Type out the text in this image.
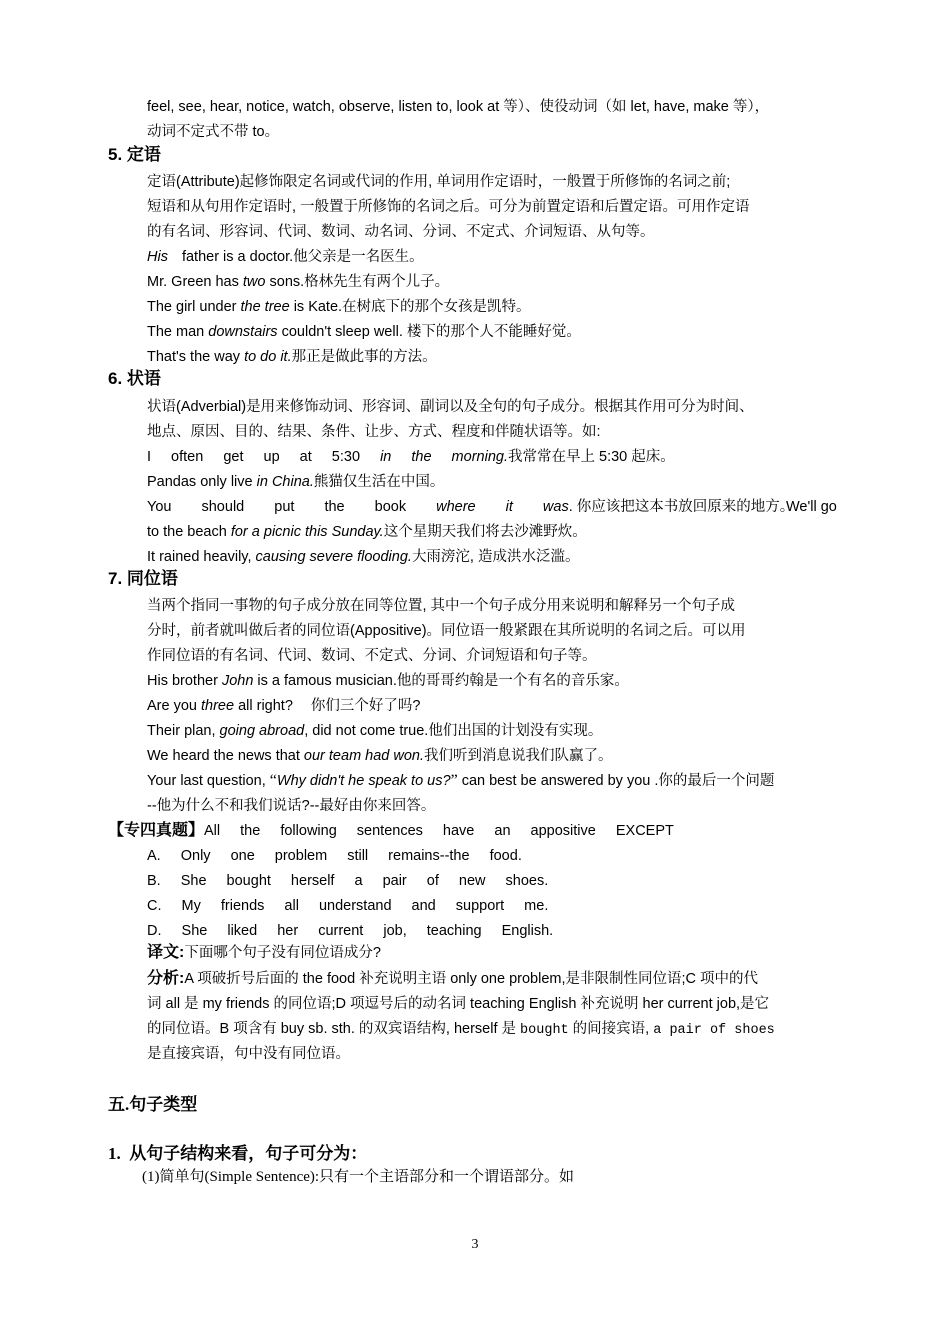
feel, see, hear, notice, watch, observe, listen to, look at 等）、使役动词（如 let, have, make 等），
动词不定式不带 to。
5. 定语
定语(Attribute)起修饰限定名词或代词的作用, 单词用作定语时，一般置于所修饰的名词之前;
短语和从句用作定语时, 一般置于所修饰的名词之后。可分为前置定语和后置定语。可用作定语
的有名词、形容词、代词、数词、动名词、分词、不定式、介词短语、从句等。
His father is a doctor.他父亲是一名医生。
Mr. Green has two sons.格林先生有两个儿子。
The girl under the tree is Kate.在树底下的那个女孩是凯特。
The man downstairs couldn't sleep well. 楼下的那个人不能睡好觉。
That's the way to do it.那正是做此事的方法。
6. 状语
状语(Adverbial)是用来修饰动词、形容词、副词以及全句的句子成分。根据其作用可分为时间、
地点、原因、目的、结果、条件、让步、方式、程度和伴随状语等。如:
I often get up at 5:30 in the morning.我常常在早上 5:30 起床。
Pandas only live in China.熊猫仅生活在中国。
You should put the book where it was. 你应该把这本书放回原来的地方。
We'll go
to the beach for a picnic this Sunday.这个星期天我们将去沙滩野炊。
It rained heavily, causing severe flooding.大雨滂沱, 造成洪水泛滥。
7. 同位语
当两个指同一事物的句子成分放在同等位置, 其中一个句子成分用来说明和解释另一个句子成
分时，前者就叫做后者的同位语(Appositive)。同位语一般紧跟在其所说明的名词之后。可以用
作同位语的有名词、代词、数词、不定式、分词、介词短语和句子等。
His brother John is a famous musician.他的哥哥约翰是一个有名的音乐家。
Are you three all right? 你们三个好了吗?
Their plan, going abroad, did not come true.他们出国的计划没有实现。
We heard the news that our team had won.我们听到消息说我们队赢了。
Your last question, “Why didn't he speak to us?” can best be answered by you .你的最后一个问题
--他为什么不和我们说话?--最好由你来回答。
【专四真题】All the following sentences have an appositive EXCEPT
A. Only one problem still remains--the food.
B. She bought herself a pair of new shoes.
C. My friends all understand and support me.
D. She liked her current job, teaching English.
译文:下面哪个句子没有同位语成分?
分析:A 项破折号后面的 the food 补充说明主语 only one problem,是非限制性同位语;C 项中的代
词 all 是 my friends 的同位语;D 项逗号后的动名词 teaching English 补充说明 her current job,是它
的同位语。B 项含有 buy sb. sth. 的双宾语结构, herself 是 bought 的间接宾语, a pair of shoes
是直接宾语，句中没有同位语。
五.句子类型
1. 从句子结构来看，句子可分为：
(1)简单句(Simple Sentence):只有一个主语部分和一个谓语部分。如
3
